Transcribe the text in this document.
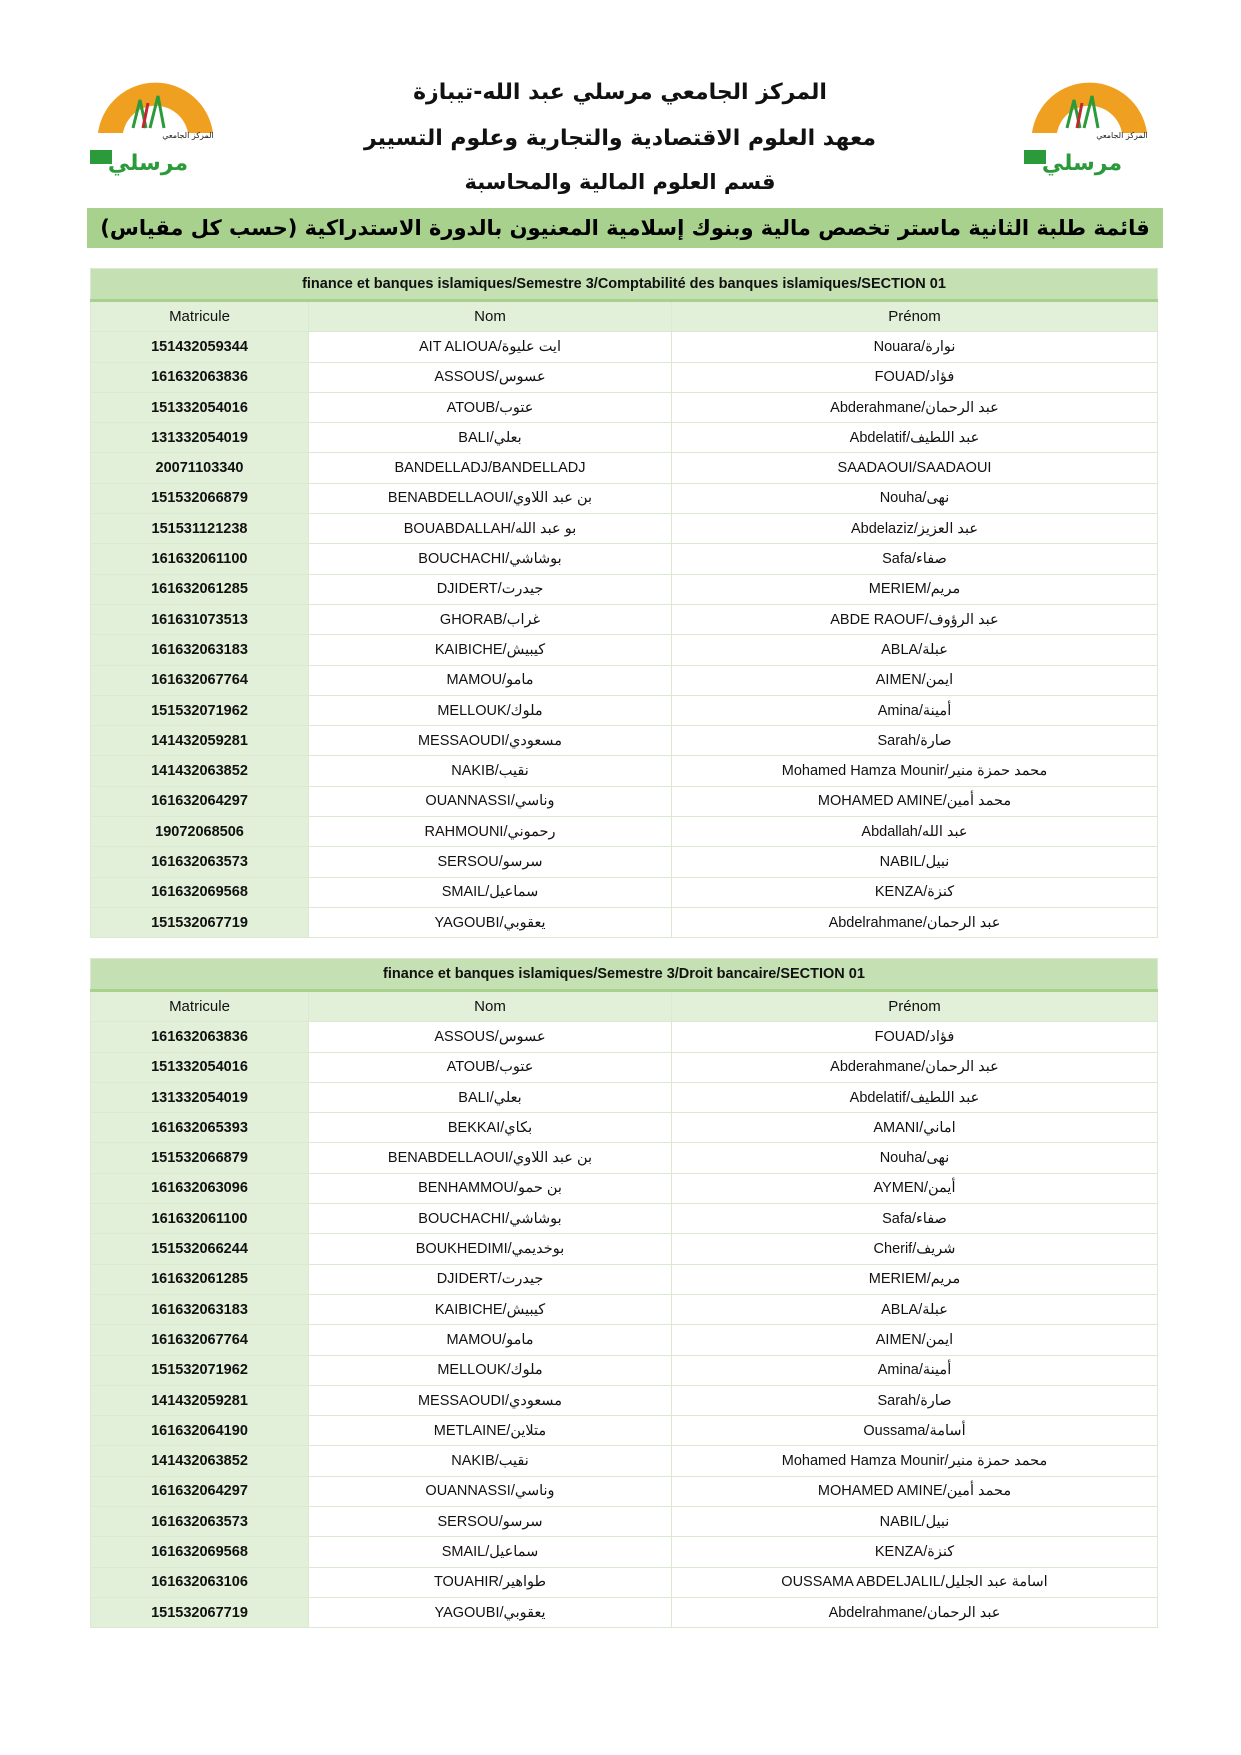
المركز الجامعي
مرسلي
المركز الجامعي
مرسلي
المركز الجامعي مرسلي عبد الله-تيبازة
معهد العلوم الاقتصادية والتجارية وعلوم التسيير
قسم العلوم المالية والمحاسبة
قائمة طلبة الثانية ماستر تخصص مالية وبنوك إسلامية المعنيون بالدورة الاستدراكية (حسب كل مقياس)
finance et banques islamiques/Semestre 3/Comptabilité des banques islamiques/SECTION 01		
Matricule	Nom	Prénom
151432059344	AIT ALIOUA/ايت عليوة	Nouara/نوارة
161632063836	ASSOUS/عسوس	FOUAD/فؤاد
151332054016	ATOUB/عتوب	Abderahmane/عبد الرحمان
131332054019	BALI/بعلي	Abdelatif/عبد اللطيف
20071103340	BANDELLADJ/BANDELLADJ	SAADAOUI/SAADAOUI
151532066879	BENABDELLAOUI/بن عبد اللاوي	Nouha/نهى
151531121238	BOUABDALLAH/بو عبد الله	Abdelaziz/عبد العزيز
161632061100	BOUCHACHI/بوشاشي	Safa/صفاء
161632061285	DJIDERT/جيدرت	MERIEM/مريم
161631073513	GHORAB/غراب	ABDE RAOUF/عبد الرؤوف
161632063183	KAIBICHE/كيبيش	ABLA/عبلة
161632067764	MAMOU/مامو	AIMEN/ايمن
151532071962	MELLOUK/ملوك	Amina/أمينة
141432059281	MESSAOUDI/مسعودي	Sarah/صارة
141432063852	NAKIB/نقيب	Mohamed Hamza Mounir/محمد حمزة منير
161632064297	OUANNASSI/وناسي	MOHAMED AMINE/محمد أمين
19072068506	RAHMOUNI/رحموني	Abdallah/عبد الله
161632063573	SERSOU/سرسو	NABIL/نبيل
161632069568	SMAIL/سماعيل	KENZA/كنزة
151532067719	YAGOUBI/يعقوبي	Abdelrahmane/عبد الرحمان
finance et banques islamiques/Semestre 3/Droit bancaire/SECTION 01		
Matricule	Nom	Prénom
161632063836	ASSOUS/عسوس	FOUAD/فؤاد
151332054016	ATOUB/عتوب	Abderahmane/عبد الرحمان
131332054019	BALI/بعلي	Abdelatif/عبد اللطيف
161632065393	BEKKAI/بكاي	AMANI/اماني
151532066879	BENABDELLAOUI/بن عبد اللاوي	Nouha/نهى
161632063096	BENHAMMOU/بن حمو	AYMEN/أيمن
161632061100	BOUCHACHI/بوشاشي	Safa/صفاء
151532066244	BOUKHEDIMI/بوخديمي	Cherif/شريف
161632061285	DJIDERT/جيدرت	MERIEM/مريم
161632063183	KAIBICHE/كيبيش	ABLA/عبلة
161632067764	MAMOU/مامو	AIMEN/ايمن
151532071962	MELLOUK/ملوك	Amina/أمينة
141432059281	MESSAOUDI/مسعودي	Sarah/صارة
161632064190	METLAINE/متلاين	Oussama/أسامة
141432063852	NAKIB/نقيب	Mohamed Hamza Mounir/محمد حمزة منير
161632064297	OUANNASSI/وناسي	MOHAMED AMINE/محمد أمين
161632063573	SERSOU/سرسو	NABIL/نبيل
161632069568	SMAIL/سماعيل	KENZA/كنزة
161632063106	TOUAHIR/طواهير	OUSSAMA ABDELJALIL/اسامة عبد الجليل
151532067719	YAGOUBI/يعقوبي	Abdelrahmane/عبد الرحمان
